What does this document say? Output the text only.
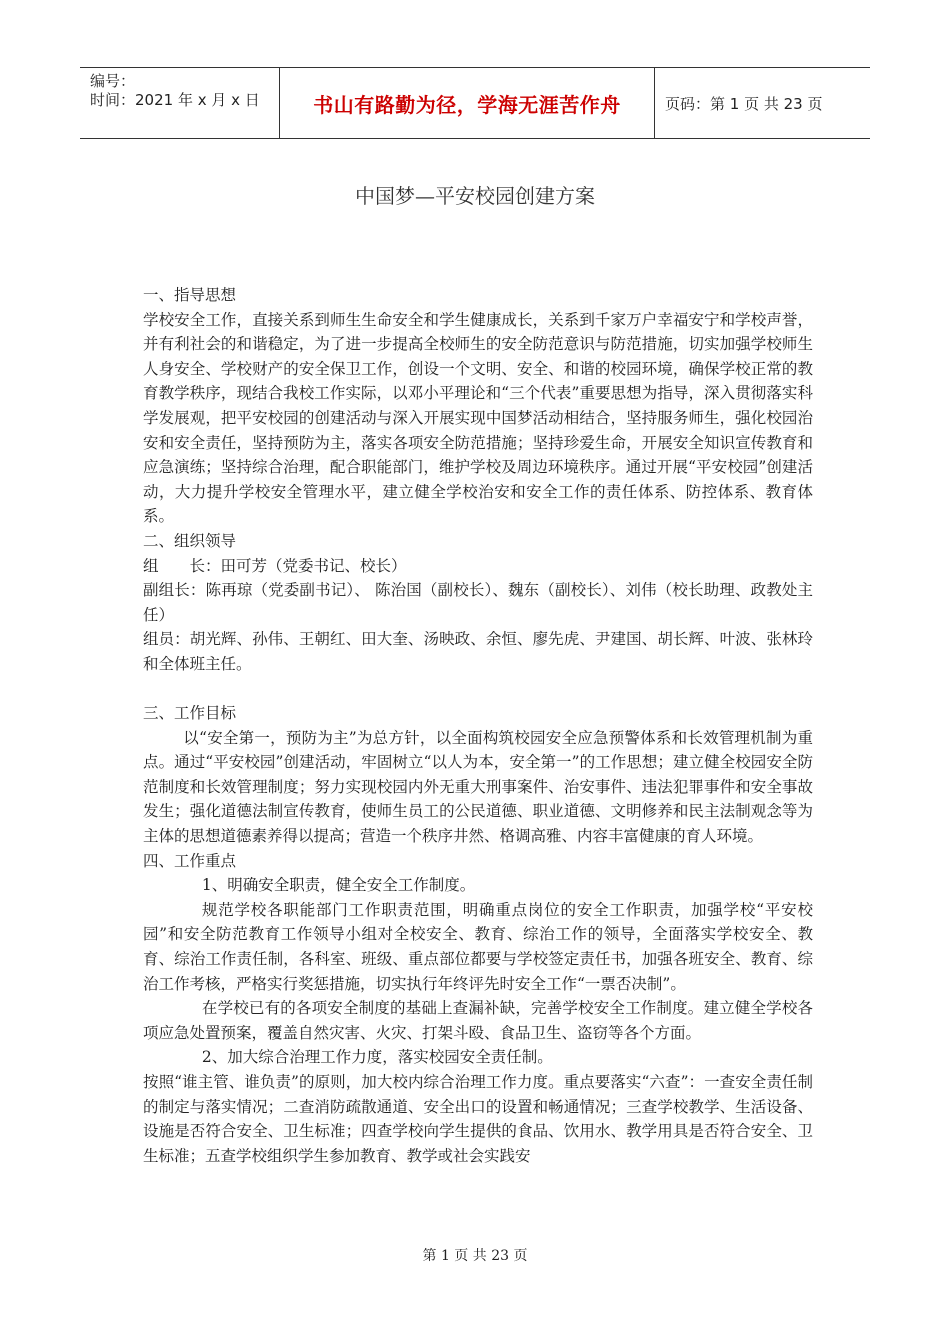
编号：
时间：2021 年 x 月 x 日	书山有路勤为径，学海无涯苦作舟	页码：第 1 页 共 23 页
中国梦—平安校园创建方案

一、指导思想

学校安全工作，直接关系到师生生命安全和学生健康成长，关系到千家万户幸福安宁和学校声誉，并有利社会的和谐稳定，为了进一步提高全校师生的安全防范意识与防范措施，切实加强学校师生人身安全、学校财产的安全保卫工作，创设一个文明、安全、和谐的校园环境，确保学校正常的教育教学秩序，现结合我校工作实际，以邓小平理论和“三个代表”重要思想为指导，深入贯彻落实科学发展观，把平安校园的创建活动与深入开展实现中国梦活动相结合，坚持服务师生，强化校园治安和安全责任，坚持预防为主，落实各项安全防范措施；坚持珍爱生命，开展安全知识宣传教育和应急演练；坚持综合治理，配合职能部门，维护学校及周边环境秩序。通过开展“平安校园”创建活动，大力提升学校安全管理水平，建立健全学校治安和安全工作的责任体系、防控体系、教育体系。

二、组织领导

组　　长：田可芳（党委书记、校长）

副组长：陈再琼（党委副书记）、 陈治国（副校长）、魏东（副校长）、刘伟（校长助理、政教处主任）

组员：胡光辉、孙伟、王朝红、田大奎、汤映政、余恒、廖先虎、尹建国、胡长辉、叶波、张林玲和全体班主任。

三、工作目标

以“安全第一，预防为主”为总方针，以全面构筑校园安全应急预警体系和长效管理机制为重点。通过“平安校园”创建活动，牢固树立“以人为本，安全第一”的工作思想；建立健全校园安全防范制度和长效管理制度；努力实现校园内外无重大刑事案件、治安事件、违法犯罪事件和安全事故发生；强化道德法制宣传教育，使师生员工的公民道德、职业道德、文明修养和民主法制观念等为主体的思想道德素养得以提高；营造一个秩序井然、格调高雅、内容丰富健康的育人环境。

四、工作重点

1、明确安全职责，健全安全工作制度。

规范学校各职能部门工作职责范围，明确重点岗位的安全工作职责，加强学校“平安校园”和安全防范教育工作领导小组对全校安全、教育、综治工作的领导，全面落实学校安全、教育、综治工作责任制，各科室、班级、重点部位都要与学校签定责任书，加强各班安全、教育、综治工作考核，严格实行奖惩措施，切实执行年终评先时安全工作“一票否决制”。

在学校已有的各项安全制度的基础上查漏补缺，完善学校安全工作制度。建立健全学校各项应急处置预案，覆盖自然灾害、火灾、打架斗殴、食品卫生、盗窃等各个方面。

2、加大综合治理工作力度，落实校园安全责任制。

按照“谁主管、谁负责”的原则，加大校内综合治理工作力度。重点要落实“六查”：一查安全责任制的制定与落实情况；二查消防疏散通道、安全出口的设置和畅通情况；三查学校教学、生活设备、设施是否符合安全、卫生标准；四查学校向学生提供的食品、饮用水、教学用具是否符合安全、卫生标准；五查学校组织学生参加教育、教学或社会实践安

第 1 页 共 23 页
